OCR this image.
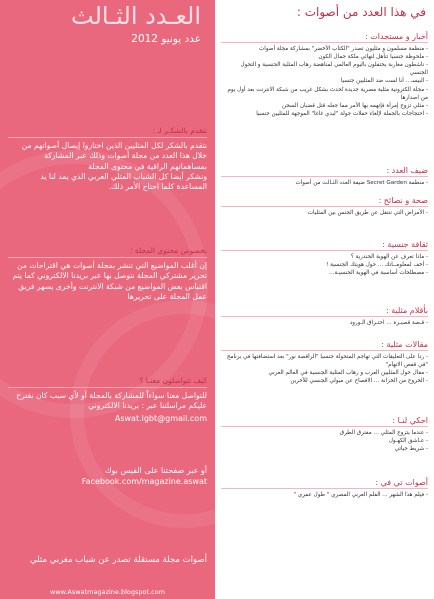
العـدد الثـالث
عدد يونيو 2012
نتقدم بالشكـر لـ :

نتقدم بالشكر لكل المثليين الذين اختاروا إيصال أصواتهم من خلال هذا العدد من مجلة أصوات وذلك عبر المشاركة بمساهماتهم الراقية في محتوى المجلة

ونشكر أيضا كل الشباب المثلي العربي الذي يمد لنا يد المساعدة كلما احتاج الأمر ذلك.

بخصوص محتوى المجلة :

إن أغلب المواضيع التي تنشر بمجلة أصوات هي اقتراحات من تحرير مشتركي المجلة نتوصل بها عبر بريدنا الالكتروني كما يتم اقتباس بعض المواضيع من شبكة الانترنت وأخرى يسهر فريق عمل المجلة على تحريرها

كيف تتواصلون معنـا ؟

للتواصل معنا سواءاً للمشاركة بالمجلة أو لأي سبب كان نقترح عليكم مراسلتنا عبر : بريدنا الالكتروني

Aswat.lgbt@gmail.com
أو عبر صفحتنا على الفيس بوك
Facebook.com/magazine.aswat
أصوات مجلة مستقلة تصدر عن شباب مغربي مثلي
www.Aswatmagazine.blogspot.com
في هذا العدد من أصوات :
أخبار و مستجدات :
- منظمة مسلمون و مثليون تصدر "الكتاب الأخضر" بمشاركة مجلة أصوات
- ملحوظة جنسيا تتأهل لنهائي ملكة جمال الكون
- ناشطون مغاربة يحتفلون باليوم العالمي لمناهضة رهاب المثلية الجنسية و التحول الجنسي
- البيسـ .. أنا لست ضد المثليين جنسيا
- مجلة الكترونية مثلية مصرية جديدة تُحدث بشكل غريب من شبكة الانترنت بعد أول يوم من اصدارها
- مثلي تزوج إمرأة فإتهمه بها الأمر مما جعله قتل قضبان السجن
- احتجاجات بالجملة لإلغاء حفلات جولة "ليدي غاغا" الموجهة للمثليين جنسيا
ضيف العدد :
- منظمة Secret Garden ضيفة العدد الثـالث من أصوات
صحة و نصائح :
- الأمراض التي تنتقل عن طريق الجنس بين المثليات
ثقافة جنسية :
- ماذا تعرف عن الهوية الجندرية ؟
- أخف لمعلومــاتك ... حول هويتك الجنسية !
- مصطلحات أساسية في الهوية الجنسيـة...
بأقلام مثلية :
- قـصة قصيـرة ... احتـراق الـورود
مقالات مثلية :
- ردا على التعليقات التي تهاجم المتحولة جنسيا "الراقصة نور" بعد استضافتها في برنامج "في قفص الاتهام"
- مقال حول المثليين العرب و رهاب المثلية الجنسية في العالم العربي
- الخروج من الخزانة ... الافصاح عن ميولي الجنسي للآخرين
احكي لنـا :
- عندما يتزوج المثلي ... مفترق الطرق
- عـاشق الكهـول
- شريط حياتي
أصوات تي في :
- فيلم هذا الشهر ... الفلم العربي المصري " طول عمري "
